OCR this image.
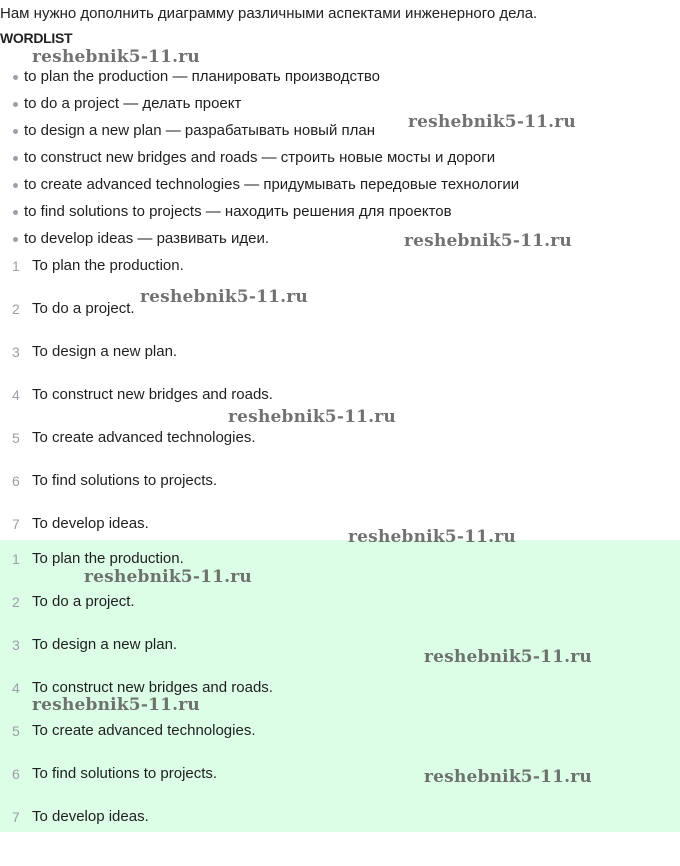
Нам нужно дополнить диаграмму различными аспектами инженерного дела.
WORDLIST
to plan the production — планировать производство
to do a project — делать проект
to design a new plan — разрабатывать новый план
to construct new bridges and roads — строить новые мосты и дороги
to create advanced technologies — придумывать передовые технологии
to find solutions to projects — находить решения для проектов
to develop ideas — развивать идеи.
1 To plan the production.
2 To do a project.
3 To design a new plan.
4 To construct new bridges and roads.
5 To create advanced technologies.
6 To find solutions to projects.
7 To develop ideas.
1 To plan the production.
2 To do a project.
3 To design a new plan.
4 To construct new bridges and roads.
5 To create advanced technologies.
6 To find solutions to projects.
7 To develop ideas.
reshebnik5-11.ru
reshebnik5-11.ru
reshebnik5-11.ru
reshebnik5-11.ru
reshebnik5-11.ru
reshebnik5-11.ru
reshebnik5-11.ru
reshebnik5-11.ru
reshebnik5-11.ru
reshebnik5-11.ru
